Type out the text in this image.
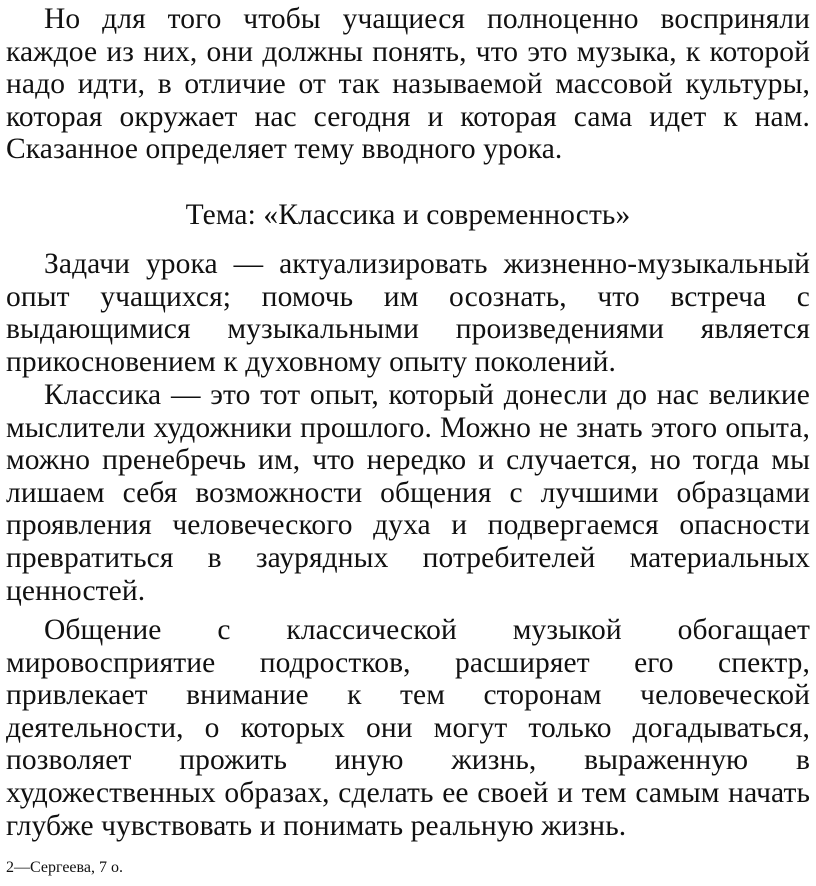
Но для того чтобы учащиеся полноценно восприняли каждое из них, они должны понять, что это музыка, к которой надо идти, в отличие от так называемой массовой культуры, которая окружает нас сегодня и которая сама идет к нам. Сказанное определяет тему вводного урока.

Тема: «Классика и современность»

Задачи урока — актуализировать жизненно-музыкальный опыт учащихся; помочь им осознать, что встреча с выдающимися музыкальными произведениями является прикосновением к духовному опыту поколений.

Классика — это тот опыт, который донесли до нас великие мыслители художники прошлого. Можно не знать этого опыта, можно пренебречь им, что нередко и случается, но тогда мы лишаем себя возможности общения с лучшими образцами проявления человеческого духа и подвергаемся опасности превратиться в заурядных потребителей материальных ценностей.

Общение с классической музыкой обогащает мировосприятие подростков, расширяет его спектр, привлекает внимание к тем сторонам человеческой деятельности, о которых они могут только догадываться, позволяет прожить иную жизнь, выраженную в художественных образах, сделать ее своей и тем самым начать глубже чувствовать и понимать реальную жизнь.

2—Сергеева, 7 о.
